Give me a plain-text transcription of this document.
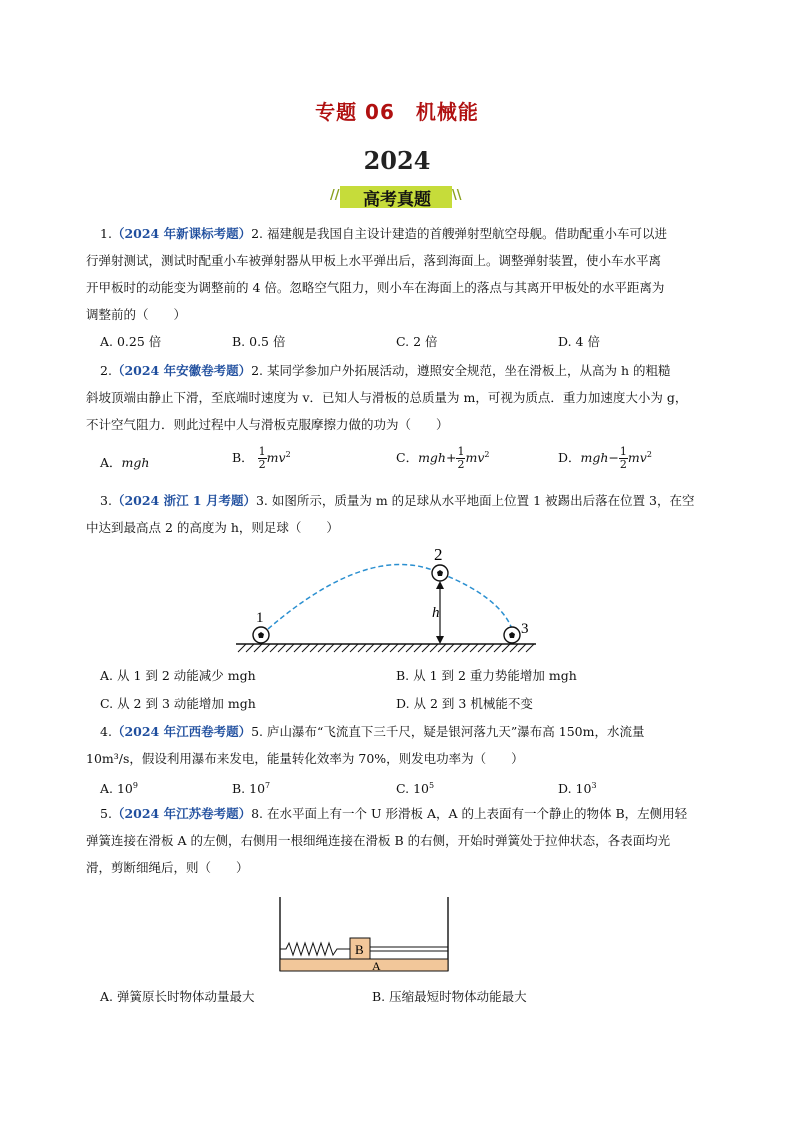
专题 06　机械能
2024
//	高考真题	\\
1.（2024 年新课标考题）2. 福建舰是我国自主设计建造的首艘弹射型航空母舰。借助配重小车可以进
行弹射测试，测试时配重小车被弹射器从甲板上水平弹出后，落到海面上。调整弹射装置，使小车水平离
开甲板时的动能变为调整前的 4 倍。忽略空气阻力，则小车在海面上的落点与其离开甲板处的水平距离为
调整前的（　　）
A. 0.25 倍	B. 0.5 倍	C. 2 倍	D. 4 倍
2.（2024 年安徽卷考题）2. 某同学参加户外拓展活动，遵照安全规范，坐在滑板上，从高为 h 的粗糙
斜坡顶端由静止下滑，至底端时速度为 v．已知人与滑板的总质量为 m，可视为质点．重力加速度大小为 g，
不计空气阻力．则此过程中人与滑板克服摩擦力做的功为（　　）
A．mgh	B． $\frac{1}{2} mv^2$	C．$mgh+ \frac{1}{2} mv^2$	D．$mgh- \frac{1}{2} mv^2$
3.（2024 浙江 1 月考题）3. 如图所示，质量为 m 的足球从水平地面上位置 1 被踢出后落在位置 3，在空
中达到最高点 2 的高度为 h，则足球（　　）
1
2
3
h
A. 从 1 到 2 动能减少 mgh	B. 从 1 到 2 重力势能增加 mgh
C. 从 2 到 3 动能增加 mgh	D. 从 2 到 3 机械能不变
4.（2024 年江西卷考题）5. 庐山瀑布“飞流直下三千尺，疑是银河落九天”瀑布高 150m，水流量
10m³/s，假设利用瀑布来发电，能量转化效率为 70%，则发电功率为（　　）
A. $10^9$	B. $10^7$	C. $10^5$	D. $10^3$
5.（2024 年江苏卷考题）8. 在水平面上有一个 U 形滑板 A，A 的上表面有一个静止的物体 B，左侧用轻
弹簧连接在滑板 A 的左侧，右侧用一根细绳连接在滑板 B 的右侧，开始时弹簧处于拉伸状态，各表面均光
滑，剪断细绳后，则（　　）
A
B
A. 弹簧原长时物体动量最大	B. 压缩最短时物体动能最大
